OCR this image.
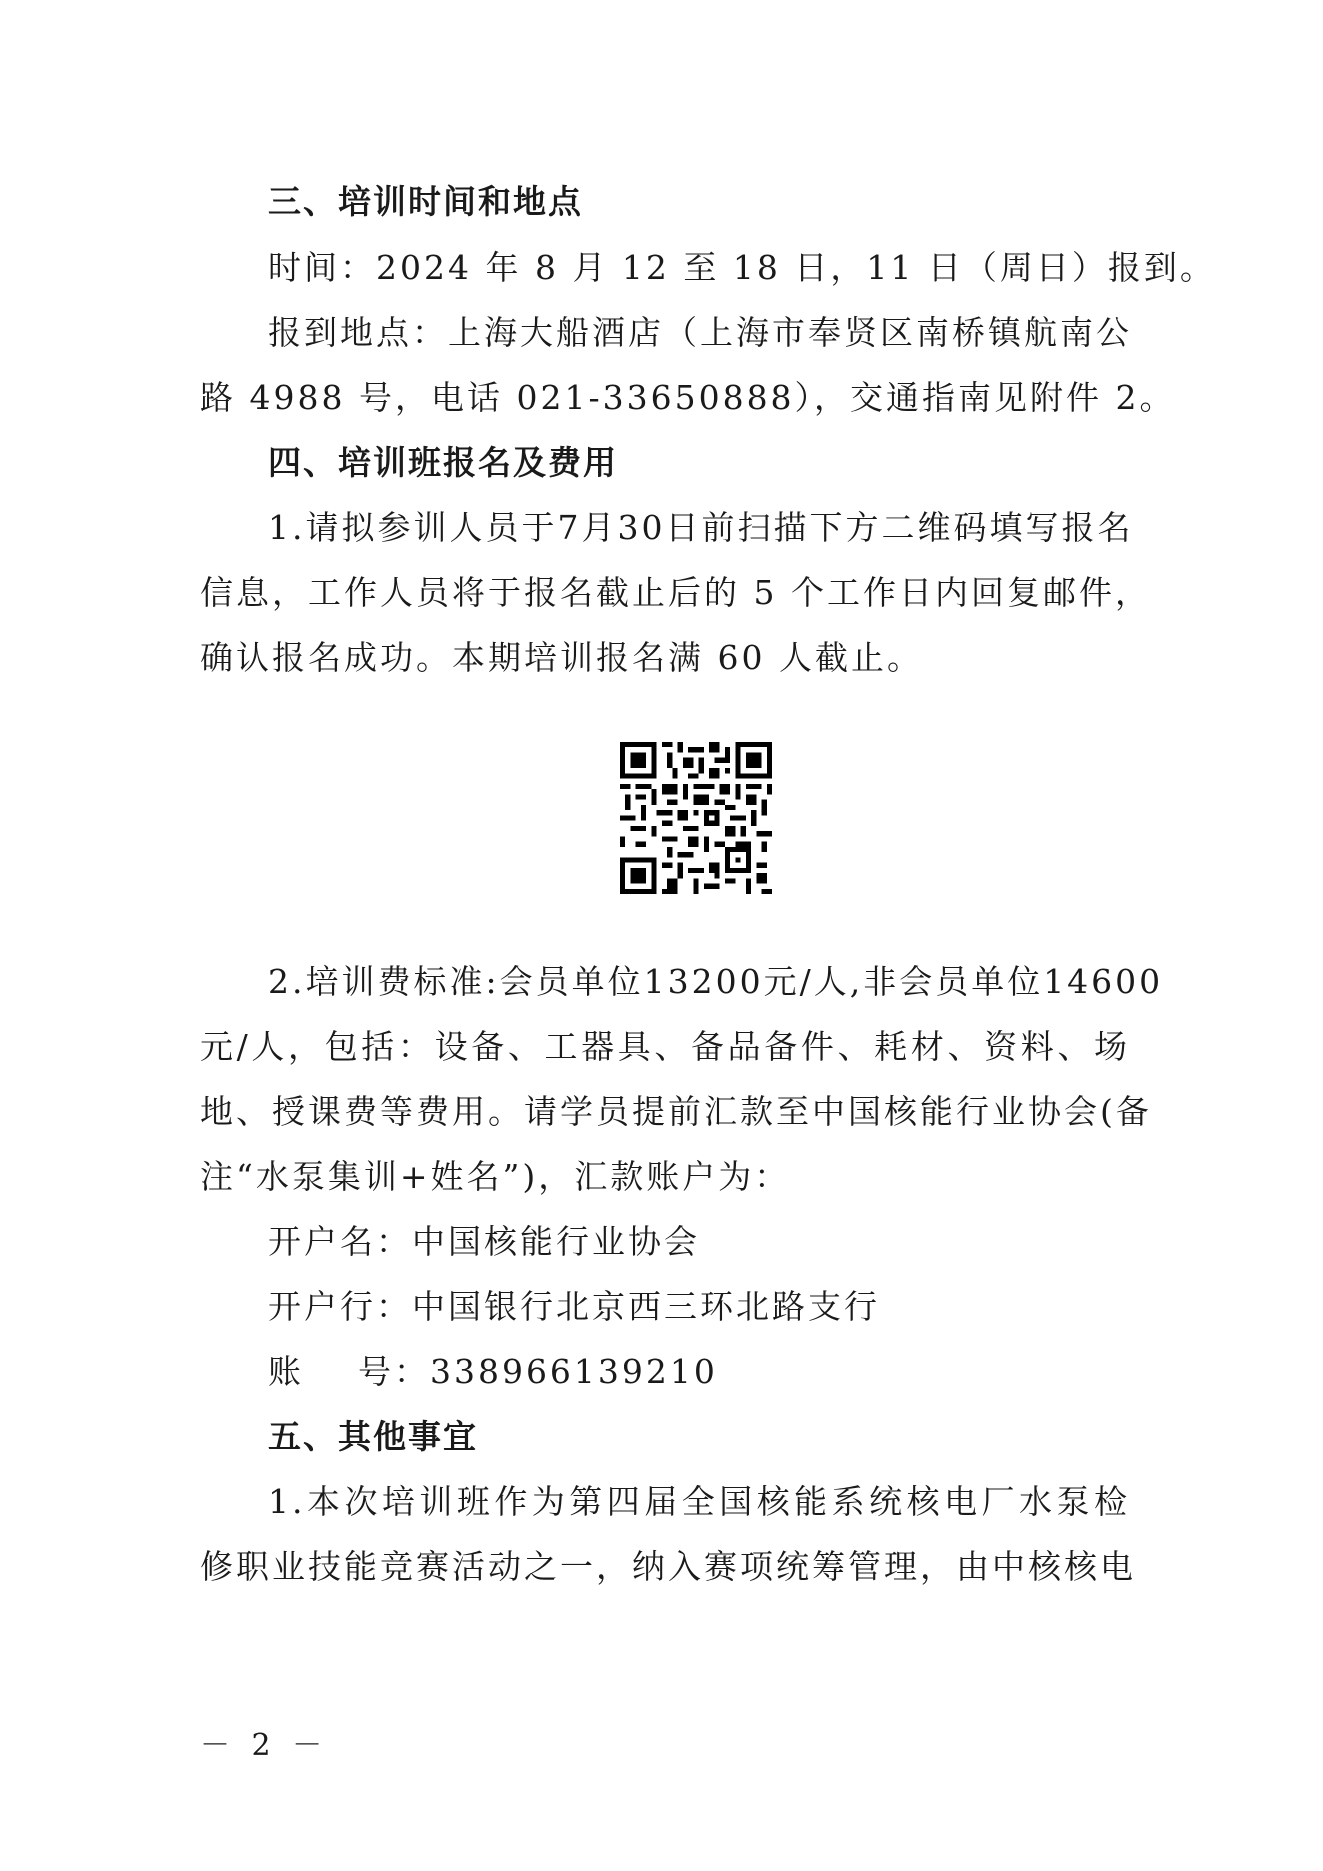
三、培训时间和地点
时间：2024 年 8 月 12 至 18 日，11 日（周日）报到。
报到地点：上海大船酒店（上海市奉贤区南桥镇航南公
路 4988 号，电话 021-33650888），交通指南见附件 2。
四、培训班报名及费用
1.请拟参训人员于7月30日前扫描下方二维码填写报名
信息，工作人员将于报名截止后的 5 个工作日内回复邮件，
确认报名成功。本期培训报名满 60 人截止。
2.培训费标准:会员单位13200元/人,非会员单位14600
元/人，包括：设备、工器具、备品备件、耗材、资料、场
地、授课费等费用。请学员提前汇款至中国核能行业协会(备
注“水泵集训+姓名”)，汇款账户为：
开户名：中国核能行业协会
开户行：中国银行北京西三环北路支行
账    号：338966139210
五、其他事宜
1.本次培训班作为第四届全国核能系统核电厂水泵检
修职业技能竞赛活动之一，纳入赛项统筹管理，由中核核电
－ 2 －
